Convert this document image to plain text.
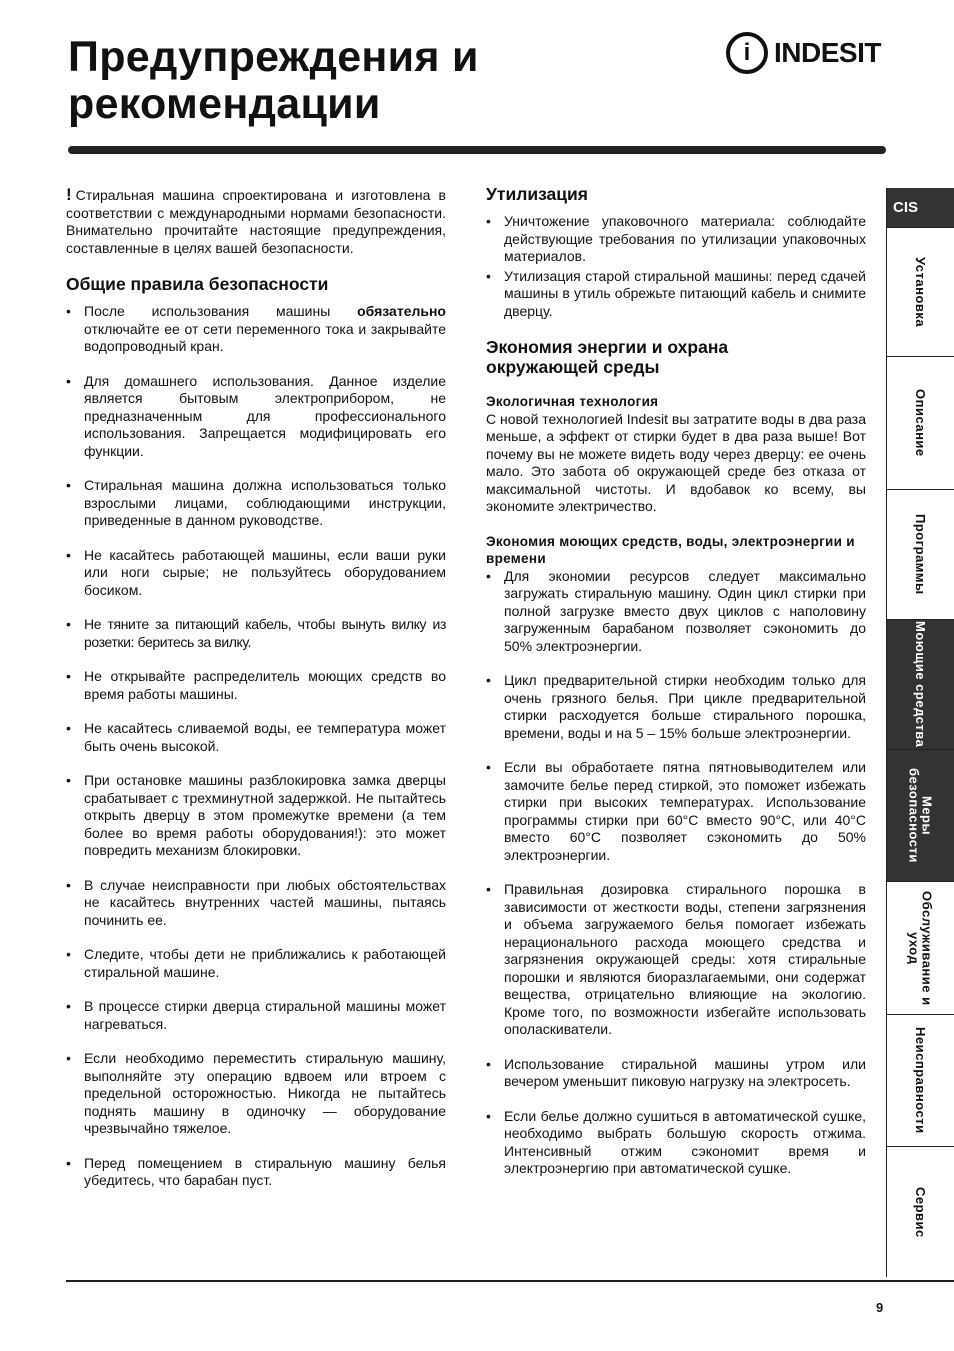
Предупреждения и
рекомендации
i INDESIT
! Стиральная машина спроектирована и изготовлена в соответствии с международными нормами безопасности. Внимательно прочитайте настоящие предупреждения, составленные в целях вашей безопасности.
Общие правила безопасности
• После использования машины обязательно отключайте ее от сети переменного тока и закрывайте водопроводный кран.
• Для домашнего использования. Данное изделие является бытовым электроприбором, не предназначенным для профессионального использования. Запрещается модифицировать его функции.
• Стиральная машина должна использоваться только взрослыми лицами, соблюдающими инструкции, приведенные в данном руководстве.
• Не касайтесь работающей машины, если ваши руки или ноги сырые; не пользуйтесь оборудованием босиком.
• Не тяните за питающий кабель, чтобы вынуть вилку из розетки: беритесь за вилку.
• Не открывайте распределитель моющих средств во время работы машины.
• Не касайтесь сливаемой воды, ее температура может быть очень высокой.
• При остановке машины разблокировка замка дверцы срабатывает с трехминутной задержкой. Не пытайтесь открыть дверцу в этом промежутке времени (а тем более во время работы оборудования!): это может повредить механизм блокировки.
• В случае неисправности при любых обстоятельствах не касайтесь внутренних частей машины, пытаясь починить ее.
• Следите, чтобы дети не приближались к работающей стиральной машине.
• В процессе стирки дверца стиральной машины может нагреваться.
• Если необходимо переместить стиральную машину, выполняйте эту операцию вдвоем или втроем с предельной осторожностью. Никогда не пытайтесь поднять машину в одиночку — оборудование чрезвычайно тяжелое.
• Перед помещением в стиральную машину белья убедитесь, что барабан пуст.
Утилизация
• Уничтожение упаковочного материала: соблюдайте действующие требования по утилизации упаковочных материалов.
• Утилизация старой стиральной машины: перед сдачей машины в утиль обрежьте питающий кабель и снимите дверцу.
Экономия энергии и охрана окружающей среды
Экологичная технология
С новой технологией Indesit вы затратите воды в два раза меньше, а эффект от стирки будет в два раза выше! Вот почему вы не можете видеть воду через дверцу: ее очень мало. Это забота об окружающей среде без отказа от максимальной чистоты. И вдобавок ко всему, вы экономите электричество.
Экономия моющих средств, воды, электроэнергии и времени
• Для экономии ресурсов следует максимально загружать стиральную машину. Один цикл стирки при полной загрузке вместо двух циклов с наполовину загруженным барабаном позволяет сэкономить до 50% электроэнергии.
• Цикл предварительной стирки необходим только для очень грязного белья. При цикле предварительной стирки расходуется больше стирального порошка, времени, воды и на 5 – 15% больше электроэнергии.
• Если вы обработаете пятна пятновыводителем или замочите белье перед стиркой, это поможет избежать стирки при высоких температурах. Использование программы стирки при 60°С вместо 90°С, или 40°С вместо 60°С позволяет сэкономить до 50% электроэнергии.
• Правильная дозировка стирального порошка в зависимости от жесткости воды, степени загрязнения и объема загружаемого белья помогает избежать нерационального расхода моющего средства и загрязнения окружающей среды: хотя стиральные порошки и являются биоразлагаемыми, они содержат вещества, отрицательно влияющие на экологию. Кроме того, по возможности избегайте использовать ополаскиватели.
• Использование стиральной машины утром или вечером уменьшит пиковую нагрузку на электросеть.
• Если белье должно сушиться в автоматической сушке, необходимо выбрать большую скорость отжима. Интенсивный отжим сэкономит время и электроэнергию при автоматической сушке.
CIS
Установка
Описание
Программы
Моющие средства
Меры безопасности
Обслуживание и уход
Неисправности
Сервис
9
